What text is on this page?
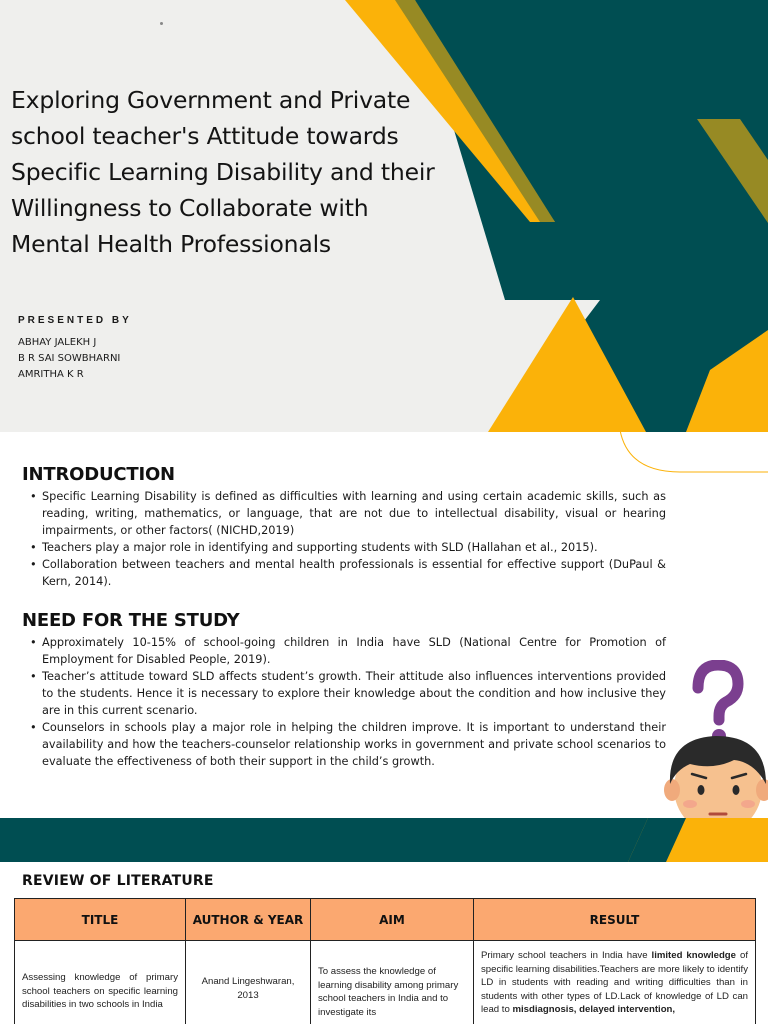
Exploring Government and Private school teacher's Attitude towards Specific Learning Disability and their Willingness to Collaborate with Mental Health Professionals
PRESENTED BY
ABHAY JALEKH J
B R SAI SOWBHARNI
AMRITHA K R
INTRODUCTION
• Specific Learning Disability is defined as difficulties with learning and using certain academic skills, such as reading, writing, mathematics, or language, that are not due to intellectual disability, visual or hearing impairments, or other factors( (NICHD,2019)
• Teachers play a major role in identifying and supporting students with SLD (Hallahan et al., 2015).
• Collaboration between teachers and mental health professionals is essential for effective support (DuPaul & Kern, 2014).
NEED FOR THE STUDY
• Approximately 10-15% of school-going children in India have SLD (National Centre for Promotion of Employment for Disabled People, 2019).
• Teacher’s attitude toward SLD affects student’s growth. Their attitude also influences interventions provided to the students. Hence it is necessary to explore their knowledge about the condition and how inclusive they are in this current scenario.
• Counselors in schools play a major role in helping the children improve. It is important to understand their availability and how the teachers-counselor relationship works in government and private school scenarios to evaluate the effectiveness of both their support in the child’s growth.
REVIEW OF LITERATURE
TITLE	AUTHOR & YEAR	AIM	RESULT
Assessing knowledge of primary school teachers on specific learning disabilities in two schools in India	Anand Lingeshwaran, 2013	To assess the knowledge of learning disability among primary school teachers in India and to investigate its	Primary school teachers in India have limited knowledge of specific learning disabilities.Teachers are more likely to identify LD in students with reading and writing difficulties than in students with other types of LD.Lack of knowledge of LD can lead to misdiagnosis, delayed intervention,
